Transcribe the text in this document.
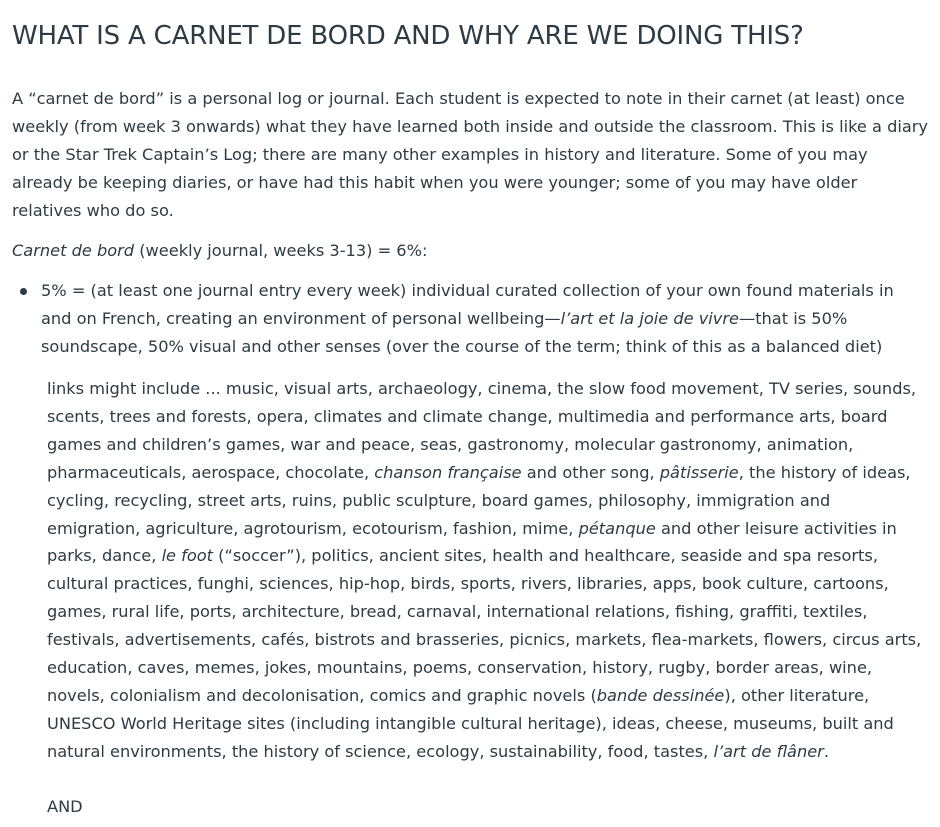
WHAT IS A CARNET DE BORD AND WHY ARE WE DOING THIS?

A “carnet de bord” is a personal log or journal. Each student is expected to note in their carnet (at least) once weekly (from week 3 onwards) what they have learned both inside and outside the classroom. This is like a diary or the Star Trek Captain’s Log; there are many other examples in history and literature. Some of you may already be keeping diaries, or have had this habit when you were younger; some of you may have older relatives who do so.

Carnet de bord (weekly journal, weeks 3-13) = 6%:

5% = (at least one journal entry every week) individual curated collection of your own found materials in and on French, creating an environment of personal wellbeing—l’art et la joie de vivre—that is 50% soundscape, 50% visual and other senses (over the course of the term; think of this as a balanced diet)

links might include ... music, visual arts, archaeology, cinema, the slow food movement, TV series, sounds, scents, trees and forests, opera, climates and climate change, multimedia and performance arts, board games and children’s games, war and peace, seas, gastronomy, molecular gastronomy, animation, pharmaceuticals, aerospace, chocolate, chanson française and other song, pâtisserie, the history of ideas, cycling, recycling, street arts, ruins, public sculpture, board games, philosophy, immigration and emigration, agriculture, agrotourism, ecotourism, fashion, mime, pétanque and other leisure activities in parks, dance, le foot (“soccer”), politics, ancient sites, health and healthcare, seaside and spa resorts, cultural practices, funghi, sciences, hip-hop, birds, sports, rivers, libraries, apps, book culture, cartoons, games, rural life, ports, architecture, bread, carnaval, international relations, fishing, graffiti, textiles, festivals, advertisements, cafés, bistrots and brasseries, picnics, markets, flea-markets, flowers, circus arts, education, caves, memes, jokes, mountains, poems, conservation, history, rugby, border areas, wine, novels, colonialism and decolonisation, comics and graphic novels (bande dessinée), other literature, UNESCO World Heritage sites (including intangible cultural heritage), ideas, cheese, museums, built and natural environments, the history of science, ecology, sustainability, food, tastes, l’art de flâner.

AND
